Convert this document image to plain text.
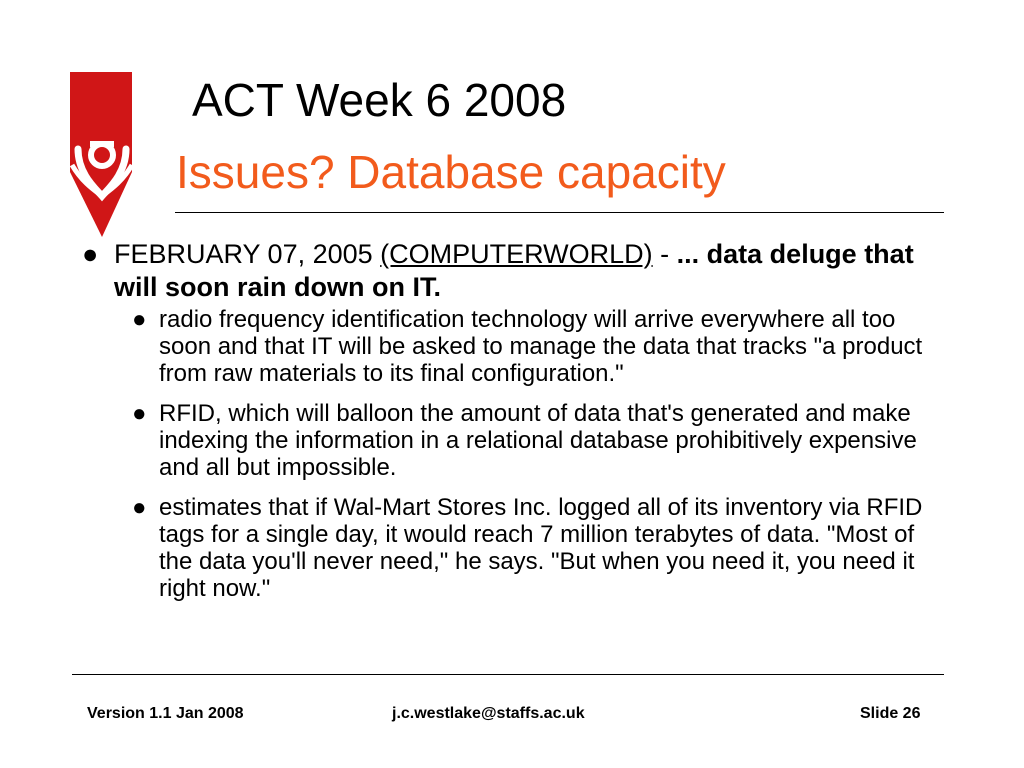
ACT Week 6 2008
Issues? Database capacity
● FEBRUARY 07, 2005 (COMPUTERWORLD) - ... data deluge that will soon rain down on IT.
● radio frequency identification technology will arrive everywhere all too soon and that IT will be asked to manage the data that tracks "a product from raw materials to its final configuration."
● RFID, which will balloon the amount of data that's generated and make indexing the information in a relational database prohibitively expensive and all but impossible.
● estimates that if Wal-Mart Stores Inc. logged all of its inventory via RFID tags for a single day, it would reach 7 million terabytes of data. "Most of the data you'll never need," he says. "But when you need it, you need it right now."
Version 1.1 Jan 2008	j.c.westlake@staffs.ac.uk	Slide 26
